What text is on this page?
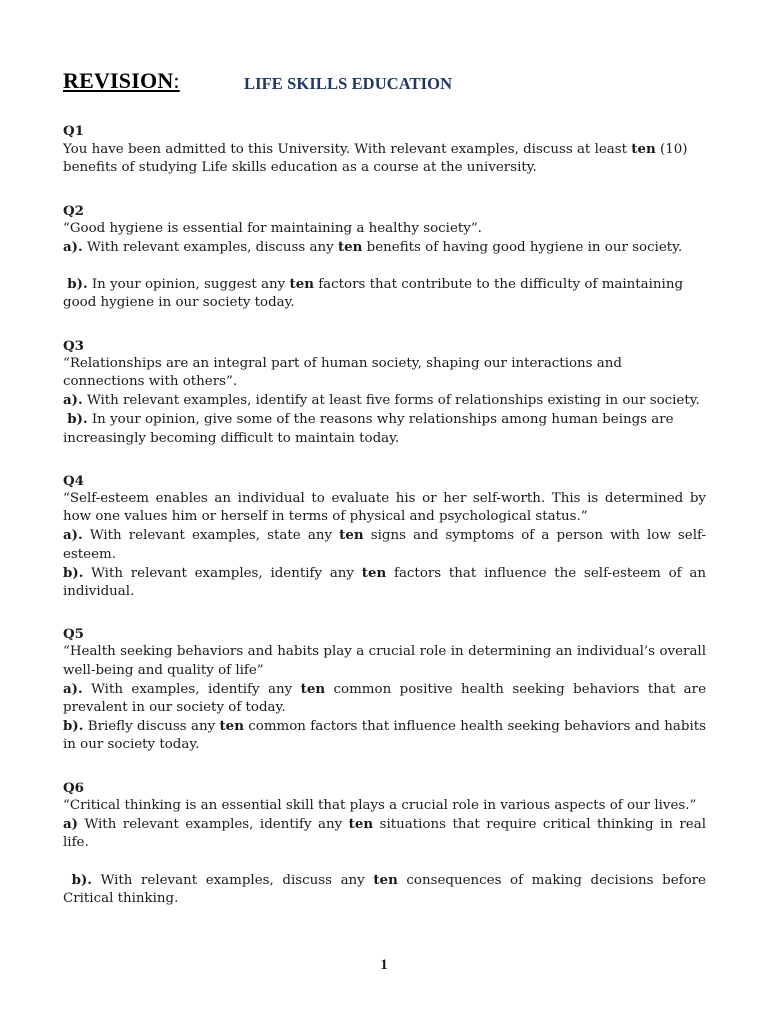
REVISION:	LIFE SKILLS EDUCATION
Q1

You have been admitted to this University. With relevant examples, discuss at least ten (10) benefits of studying Life skills education as a course at the university.

Q2

“Good hygiene is essential for maintaining a healthy society”.

a). With relevant examples, discuss any ten benefits of having good hygiene in our society.

b). In your opinion, suggest any ten factors that contribute to the difficulty of maintaining good hygiene in our society today.

Q3

“Relationships are an integral part of human society, shaping our interactions and connections with others”.

a). With relevant examples, identify at least five forms of relationships existing in our society.

b). In your opinion, give some of the reasons why relationships among human beings are increasingly becoming difficult to maintain today.

Q4

“Self-esteem enables an individual to evaluate his or her self-worth. This is determined by how one values him or herself in terms of physical and psychological status.”

a). With relevant examples, state any ten signs and symptoms of a person with low self-esteem.

b). With relevant examples, identify any ten factors that influence the self-esteem of an individual.

Q5

“Health seeking behaviors and habits play a crucial role in determining an individual’s overall well-being and quality of life”

a). With examples, identify any ten common positive health seeking behaviors that are prevalent in our society of today.

b). Briefly discuss any ten common factors that influence health seeking behaviors and habits in our society today.

Q6

“Critical thinking is an essential skill that plays a crucial role in various aspects of our lives.”

a) With relevant examples, identify any ten situations that require critical thinking in real life.

b). With relevant examples, discuss any ten consequences of making decisions before Critical thinking.

1
